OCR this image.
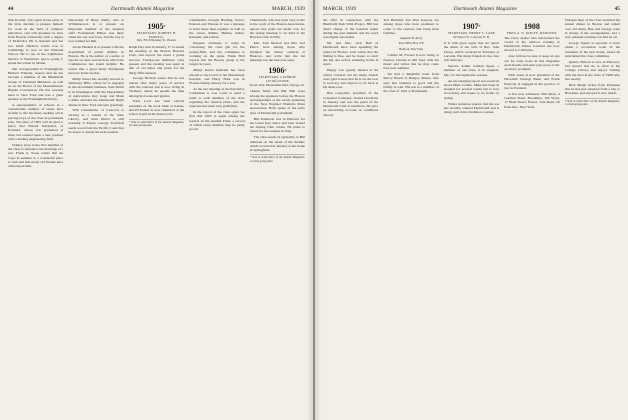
44	Dartmouth Alumni Magazine	MARCH, 1939

than Kochel, who spent seven years of the 21th, decided to prepare himself for work in the field of religious education, and will graduate in June from Boston University with a degree of M.Rel.Ed. He is married and has two small children. Curtis Coe of Cambridge is now in the National School. He is one in the Lighthouse Service at Nantucket, and is going to spend the winter in Maine.

Our correspondent in Framingham, Herbert Wheeler, reports that he has become a member of the Ministerial Group of Christian Ministers, as well as on the Board of the Massachusetts Baptist Convention. He has recently been to New York and was a guest speaker at the Framingham Rotary.

A representative of schools in a considerable number of states have written to the Secretary seeking aid in placing boys of the class in permanent jobs. The men of 1905 will be glad to know that Harold Pendexter, of Portland, whose son graduated in June, has entered upon a new position with a leading engineering firm.

Stanley Gray is the first member of the class to announce the marriage of a son. Frank A. Stone writes that the Cape in summer is a wonderful place to visit and that many old friends have called upon him.

fellowship of Harry Reilly, who at Williamstown is at present an important member of the hospital staff. Fortunately Hilton was there when his son was born, and the boy is now named for him.

Alvan Haskell is at present with the department of public utilities in Boston. He is the author of a series of reports on rates and services which the Commission has found helpful. He writes that a great many Dartmouth men are in his section.

Philip Sweet has recently moved to Wellesley Hills, where he is engaged in the investment business. Sam Smith is in Washington with the Department of Agriculture. Ray Gage and Mark Collins attended the Dartmouth Night dinner in New York and sent greetings.

Will Chamberlin of Concord is serving as a trustee of the State Library, and John Harris is still teaching at Exeter. George Twitchell sends word from the Pacific Coast that he hopes to attend the next reunion.

1905*
SECRETARY, ROBERT H. FARRELL
Rm. 705-50 Kenney St., Boston

Ralph Day sent in January 17 to attend the meeting at the Boston Harvard Club, and reports the event a grand success. Twenty-one members were present and the evening was spent in talk of old times and plans for the thirty-fifth reunion.

George Nichols writes that he has retired after many years of service with the railroad and is now living in Vermont, where he spends his time among his books and garden.

Earle Lord has been elected president of the local bank at Keene, and Ed Parker is now chairman of the school board in his home town.

* Sent to subscribers of the Alumni Magazine, on class group plan.

Chamberlin, Clough, Harding, Jewett, Pearson and Weston. It was a pleasure to have these men together as well as the wives, Ruthie, Babbie, Abbie, Kenneth, and Lillian.

Request continues to come in concerning the class gift for the twenty-fifth, and the committee is working on the plans. Frank Hall reports that the Boston group is the largest in years.

Midge Kent's husband has been elected to the board of the Manchester hospital, and Harry Hunt was in Florida during January for a rest.

At the last meeting of the Executive Committee it was voted to send a letter to each member of the class regarding the reunion plans, and the response has been very gratifying.

In the report of the class agent we find that 1905 is again among the leaders in the Alumni Fund, a record of which every member may be justly proud.

Chamberlin, who has been very active in the work of the Boston Association, reports that plans are under way for the spring meeting to be held at the Harvard Club in May.

Mrs. Tom Morton and Mrs. Ted Pierce were among those who attended the winter carnival at Hanover, and write that the ski jumping was the best ever seen.

1906*
SECRETARY, LATHROP LIVINGSTONE
Room 1432, Merchandise Mart, Chicago, Ill.

Charlie Main and Bill Bell were among the speakers before the Boston newspapermen at the recent gathering of the New England Women's Press Association. Both spoke of the early days of Dartmouth journalism.

Bill Robinson was in Hanover for the Green Key dance and later visited the Outing Club cabins. He plans to return for the reunion in June.

The class sends its sympathy to Bill Simonds on the death of his mother, which occurred in January at her home in Springfield.

* Sent to subscribers of the Alumni Magazine, on class group plan.
MARCH, 1939	Dartmouth Alumni Magazine	45

the offer in connection with the Humboldt Park WPA Project. Bill had direct charge of the baseball teams during the past summer and the work was highly successful.

Mr. and Mrs. Jack Bell of Dartmouth have been spending the winter in Florida. Jack writes that the fishing is fine, and he hopes to catch the big one before returning home in April.

Happy was greatly missed at the winter carnival, but his many friends were glad to hear that he is on the road to recovery and expects to be back at his desk soon.

Ben Carpenter, president of the Carpenter Company, visited Cleveland in January and was the guest of the Dartmouth Club at luncheon. He gave an interesting account of conditions abroad.

Ted Hubbard and Don Kenyon are among those who have promised to come to the reunion and bring their families.

Augustin H. Avery
Post Office Box 178
Bedford, New York

Charlie M. Everett is now living at Nassau. Charles is still busy with his music and writes that he may come East next summer.

We had a delightful letter from Marcy Beach of Bangor, Maine, who says that business is good and the family is well. His son is a member of the class of 1941 at Dartmouth.

1907*
SECRETARY, HENRY S. LANE
82 School St., Concord, N. H.

It is with great regret that we report the death of the wife of Rev. John Chase, which occurred in February at Laconia. Her many friends in the class will miss her.

Senator Arthur Gilman Spear, a member of our class, is in Augusta, Me., for the legislative session.

An encouraging report was received about Mike Collins. Mike has been in hospital for several weeks but is now recovering and hopes to be home by spring.

Walter Asherton reports that his son has recently entered Dartmouth and is doing well in his freshman courses.

1908
FRED A. N. RIPLEY, HANOVER

The fancy dealer who entertained the crowd at the outdoor evening at Dartmouth Winter Carnival has now moved to California.

Also fellows be sure to keep an eye out for class notes in this magazine each month, and send your news to the secretary promptly.

Dick Jones is now president of the Haverhill Savings Bank, and Frank Peabody is engaged in the practice of law in Portland.

A few new addresses: Bill Allen, 4 Gardner Road, Brookline; Jim Ward, 17 Main Street, Exeter; Tom Reed, 50 Park Ave., New York.

Thirteen men of the class attended the annual dinner in Boston and talked over old times. Ben and George were in charge of the arrangements, and a very pleasant evening was had by all.

George Squire is reported to have added a recreation room in the basement of his new home, where he entertained the class committee.

Quincy Ballard is now in Hanover, and reports that he is often at the College Library and enjoys visiting with the men in the class of 1908 who live nearby.

Dick Meigs writes from Pasadena that he has just returned from a trip to Honolulu, and enjoyed it very much.

* Sent to subscribers of the Alumni Magazine, on class group plan.
